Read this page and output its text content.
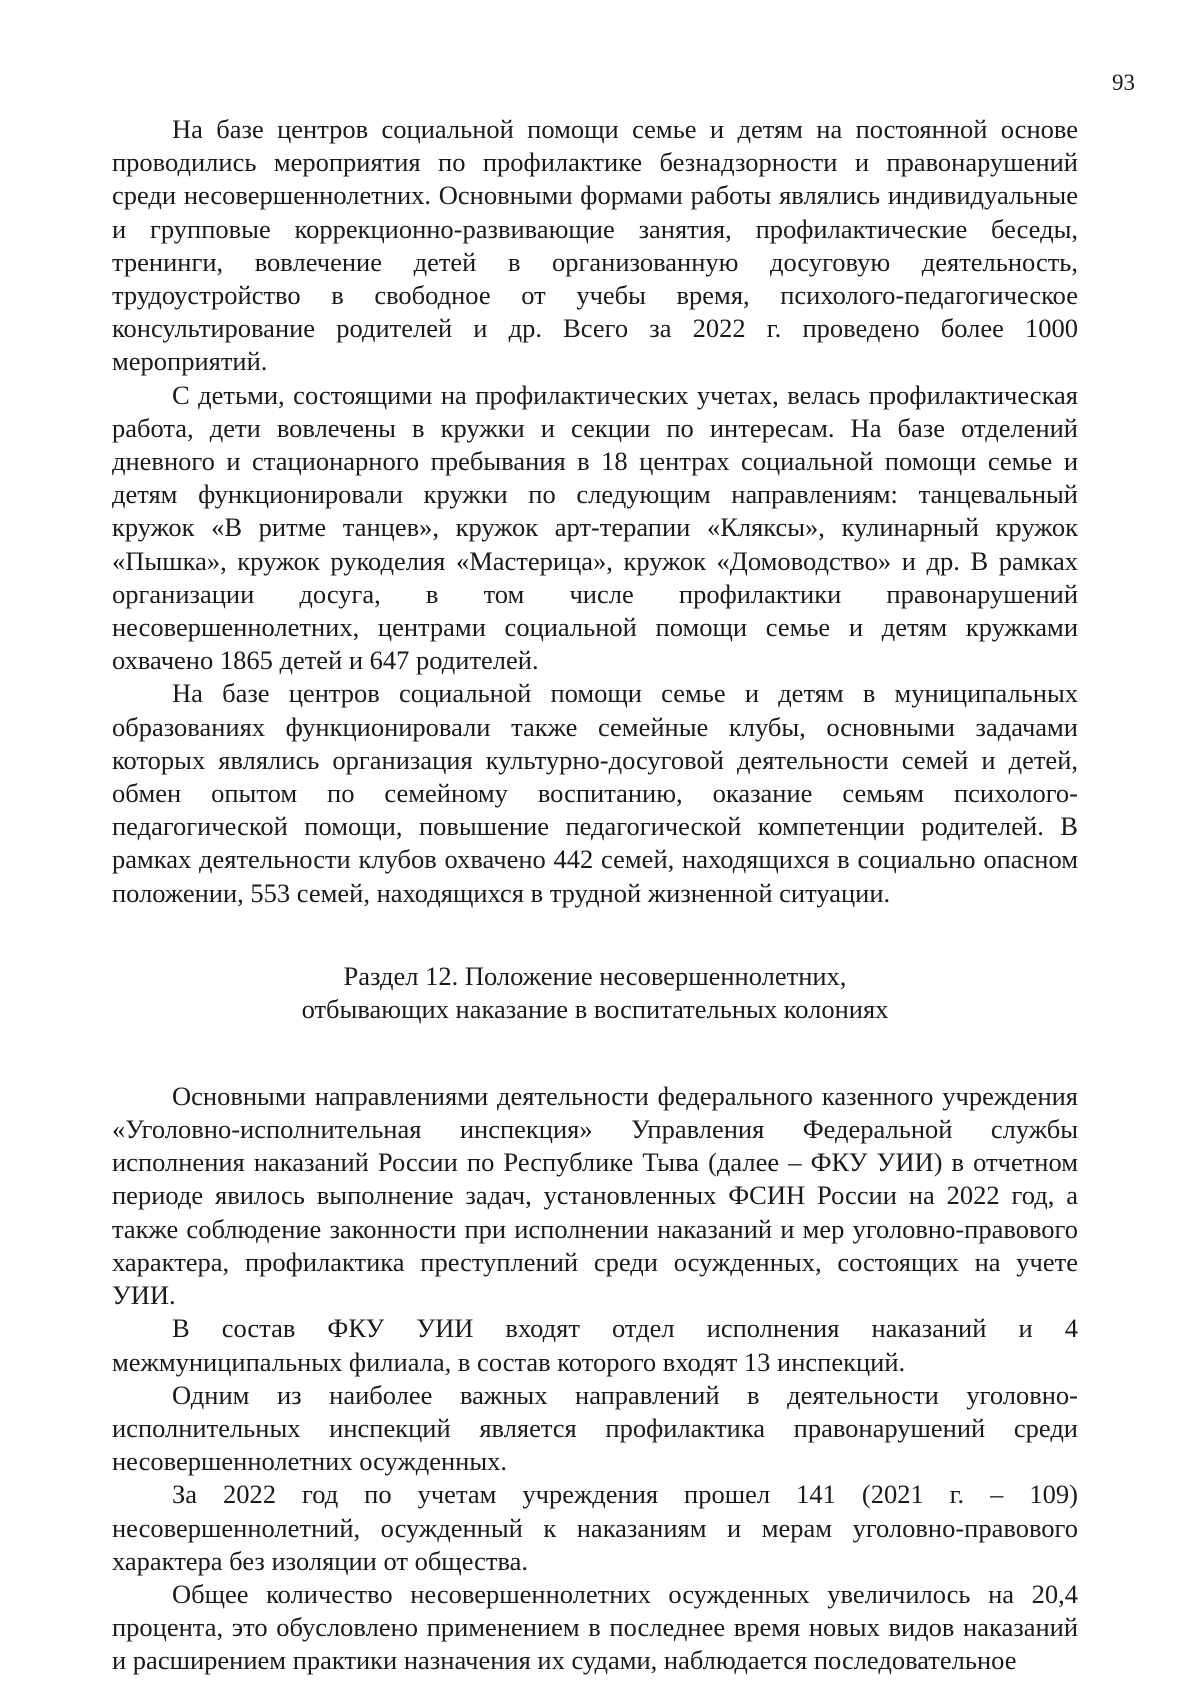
93

На базе центров социальной помощи семье и детям на постоянной основе проводились мероприятия по профилактике безнадзорности и правонарушений среди несовершеннолетних. Основными формами работы являлись индивидуальные и групповые коррекционно-развивающие занятия, профилактические беседы, тренинги, вовлечение детей в организованную досуговую деятельность, трудоустройство в свободное от учебы время, психолого-педагогическое консультирование родителей и др. Всего за 2022 г. проведено более 1000 мероприятий.

С детьми, состоящими на профилактических учетах, велась профилактическая работа, дети вовлечены в кружки и секции по интересам. На базе отделений дневного и стационарного пребывания в 18 центрах социальной помощи семье и детям функционировали кружки по следующим направлениям: танцевальный кружок «В ритме танцев», кружок арт-терапии «Кляксы», кулинарный кружок «Пышка», кружок рукоделия «Мастерица», кружок «Домоводство» и др. В рамках организации досуга, в том числе профилактики правонарушений несовершеннолетних, центрами социальной помощи семье и детям кружками охвачено 1865 детей и 647 родителей.

На базе центров социальной помощи семье и детям в муниципальных образованиях функционировали также семейные клубы, основными задачами которых являлись организация культурно-досуговой деятельности семей и детей, обмен опытом по семейному воспитанию, оказание семьям психолого-педагогической помощи, повышение педагогической компетенции родителей. В рамках деятельности клубов охвачено 442 семей, находящихся в социально опасном положении, 553 семей, находящихся в трудной жизненной ситуации.

Раздел 12. Положение несовершеннолетних,
отбывающих наказание в воспитательных колониях

Основными направлениями деятельности федерального казенного учреждения «Уголовно-исполнительная инспекция» Управления Федеральной службы исполнения наказаний России по Республике Тыва (далее – ФКУ УИИ) в отчетном периоде явилось выполнение задач, установленных ФСИН России на 2022 год, а также соблюдение законности при исполнении наказаний и мер уголовно-правового характера, профилактика преступлений среди осужденных, состоящих на учете УИИ.

В состав ФКУ УИИ входят отдел исполнения наказаний и 4 межмуниципальных филиала, в состав которого входят 13 инспекций.

Одним из наиболее важных направлений в деятельности уголовно-исполнительных инспекций является профилактика правонарушений среди несовершеннолетних осужденных.

За 2022 год по учетам учреждения прошел 141 (2021 г. – 109) несовершеннолетний, осужденный к наказаниям и мерам уголовно-правового характера без изоляции от общества.

Общее количество несовершеннолетних осужденных увеличилось на 20,4 процента, это обусловлено применением в последнее время новых видов наказаний и расширением практики назначения их судами, наблюдается последовательное
